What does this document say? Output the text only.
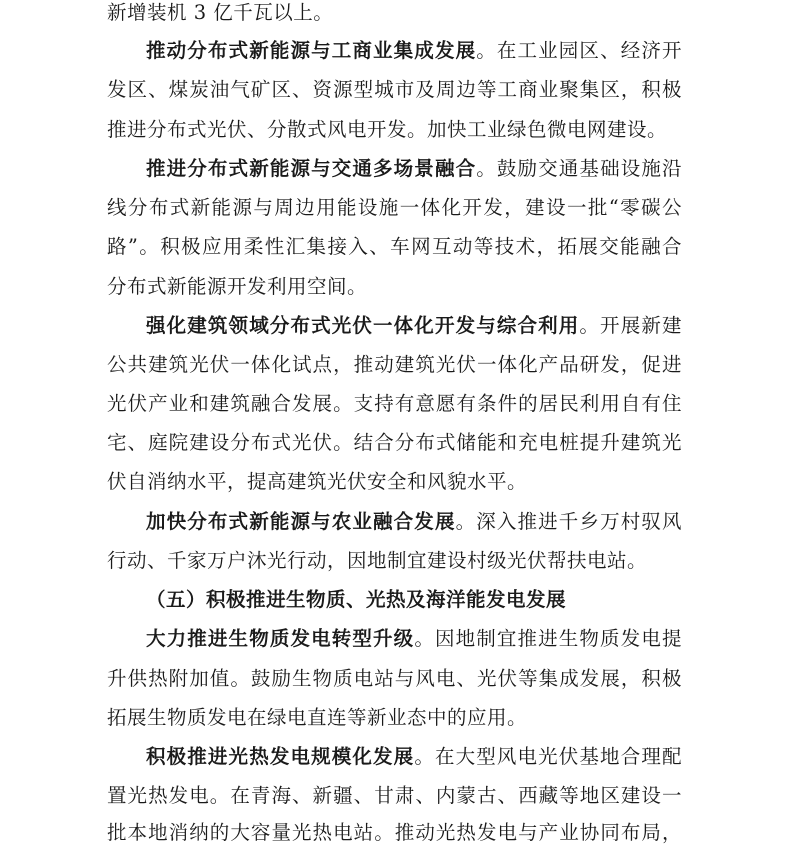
新增装机 3 亿千瓦以上。
推动分布式新能源与工商业集成发展。在工业园区、经济开
发区、煤炭油气矿区、资源型城市及周边等工商业聚集区，积极
推进分布式光伏、分散式风电开发。加快工业绿色微电网建设。
推进分布式新能源与交通多场景融合。鼓励交通基础设施沿
线分布式新能源与周边用能设施一体化开发，建设一批“零碳公
路”。积极应用柔性汇集接入、车网互动等技术，拓展交能融合
分布式新能源开发利用空间。
强化建筑领域分布式光伏一体化开发与综合利用。开展新建
公共建筑光伏一体化试点，推动建筑光伏一体化产品研发，促进
光伏产业和建筑融合发展。支持有意愿有条件的居民利用自有住
宅、庭院建设分布式光伏。结合分布式储能和充电桩提升建筑光
伏自消纳水平，提高建筑光伏安全和风貌水平。
加快分布式新能源与农业融合发展。深入推进千乡万村驭风
行动、千家万户沐光行动，因地制宜建设村级光伏帮扶电站。
（五）积极推进生物质、光热及海洋能发电发展
大力推进生物质发电转型升级。因地制宜推进生物质发电提
升供热附加值。鼓励生物质电站与风电、光伏等集成发展，积极
拓展生物质发电在绿电直连等新业态中的应用。
积极推进光热发电规模化发展。在大型风电光伏基地合理配
置光热发电。在青海、新疆、甘肃、内蒙古、西藏等地区建设一
批本地消纳的大容量光热电站。推动光热发电与产业协同布局，
